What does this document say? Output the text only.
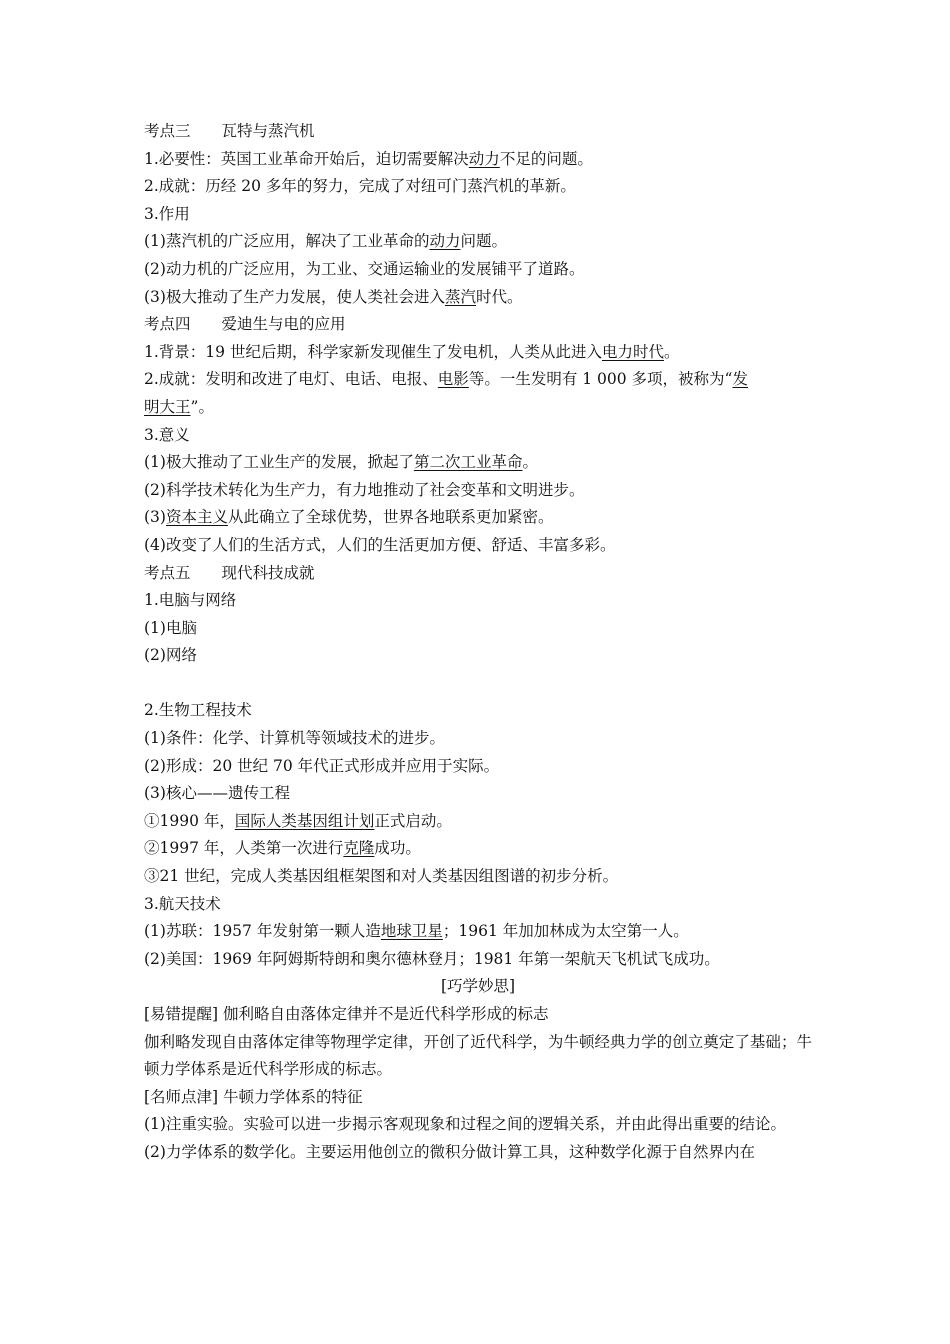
考点三 瓦特与蒸汽机
1.必要性：英国工业革命开始后，迫切需要解决动力不足的问题。
2.成就：历经 20 多年的努力，完成了对纽可门蒸汽机的革新。
3.作用
(1)蒸汽机的广泛应用，解决了工业革命的动力问题。
(2)动力机的广泛应用，为工业、交通运输业的发展铺平了道路。
(3)极大推动了生产力发展，使人类社会进入蒸汽时代。
考点四 爱迪生与电的应用
1.背景：19 世纪后期，科学家新发现催生了发电机，人类从此进入电力时代。
2.成就：发明和改进了电灯、电话、电报、电影等。一生发明有 1 000 多项，被称为“发
明大王”。
3.意义
(1)极大推动了工业生产的发展，掀起了第二次工业革命。
(2)科学技术转化为生产力，有力地推动了社会变革和文明进步。
(3)资本主义从此确立了全球优势，世界各地联系更加紧密。
(4)改变了人们的生活方式，人们的生活更加方便、舒适、丰富多彩。
考点五 现代科技成就
1.电脑与网络
(1)电脑
(2)网络
2.生物工程技术
(1)条件：化学、计算机等领域技术的进步。
(2)形成：20 世纪 70 年代正式形成并应用于实际。
(3)核心——遗传工程
①1990 年，国际人类基因组计划正式启动。
②1997 年，人类第一次进行克隆成功。
③21 世纪，完成人类基因组框架图和对人类基因组图谱的初步分析。
3.航天技术
(1)苏联：1957 年发射第一颗人造地球卫星；1961 年加加林成为太空第一人。
(2)美国：1969 年阿姆斯特朗和奥尔德林登月；1981 年第一架航天飞机试飞成功。
[巧学妙思]
[易错提醒] 伽利略自由落体定律并不是近代科学形成的标志
伽利略发现自由落体定律等物理学定律，开创了近代科学，为牛顿经典力学的创立奠定了基础；牛顿力学体系是近代科学形成的标志。
[名师点津] 牛顿力学体系的特征
(1)注重实验。实验可以进一步揭示客观现象和过程之间的逻辑关系，并由此得出重要的结论。
(2)力学体系的数学化。主要运用他创立的微积分做计算工具，这种数学化源于自然界内在
